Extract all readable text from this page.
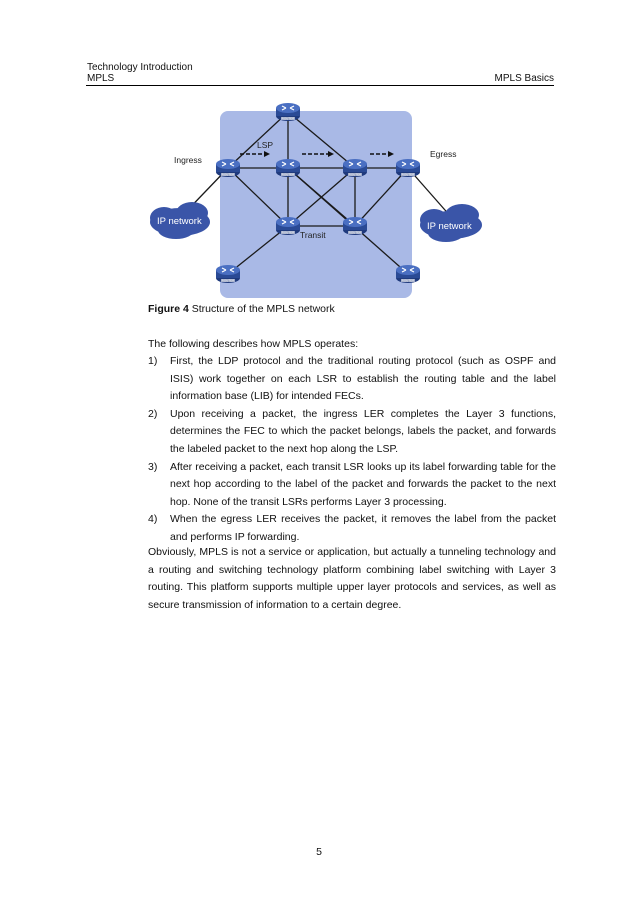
Technology Introduction
MPLS	MPLS Basics
ROUTER
ROUTER	ROUTER	ROUTER	ROUTER
ROUTER	ROUTER
ROUTER	ROUTER
LSP
Ingress
Egress
Transit
IP network	IP network
Figure 4 Structure of the MPLS network
The following describes how MPLS operates:
1) First, the LDP protocol and the traditional routing protocol (such as OSPF and ISIS) work together on each LSR to establish the routing table and the label information base (LIB) for intended FECs.
2) Upon receiving a packet, the ingress LER completes the Layer 3 functions, determines the FEC to which the packet belongs, labels the packet, and forwards the labeled packet to the next hop along the LSP.
3) After receiving a packet, each transit LSR looks up its label forwarding table for the next hop according to the label of the packet and forwards the packet to the next hop. None of the transit LSRs performs Layer 3 processing.
4) When the egress LER receives the packet, it removes the label from the packet and performs IP forwarding.
Obviously, MPLS is not a service or application, but actually a tunneling technology and a routing and switching technology platform combining label switching with Layer 3 routing. This platform supports multiple upper layer protocols and services, as well as secure transmission of information to a certain degree.
5
